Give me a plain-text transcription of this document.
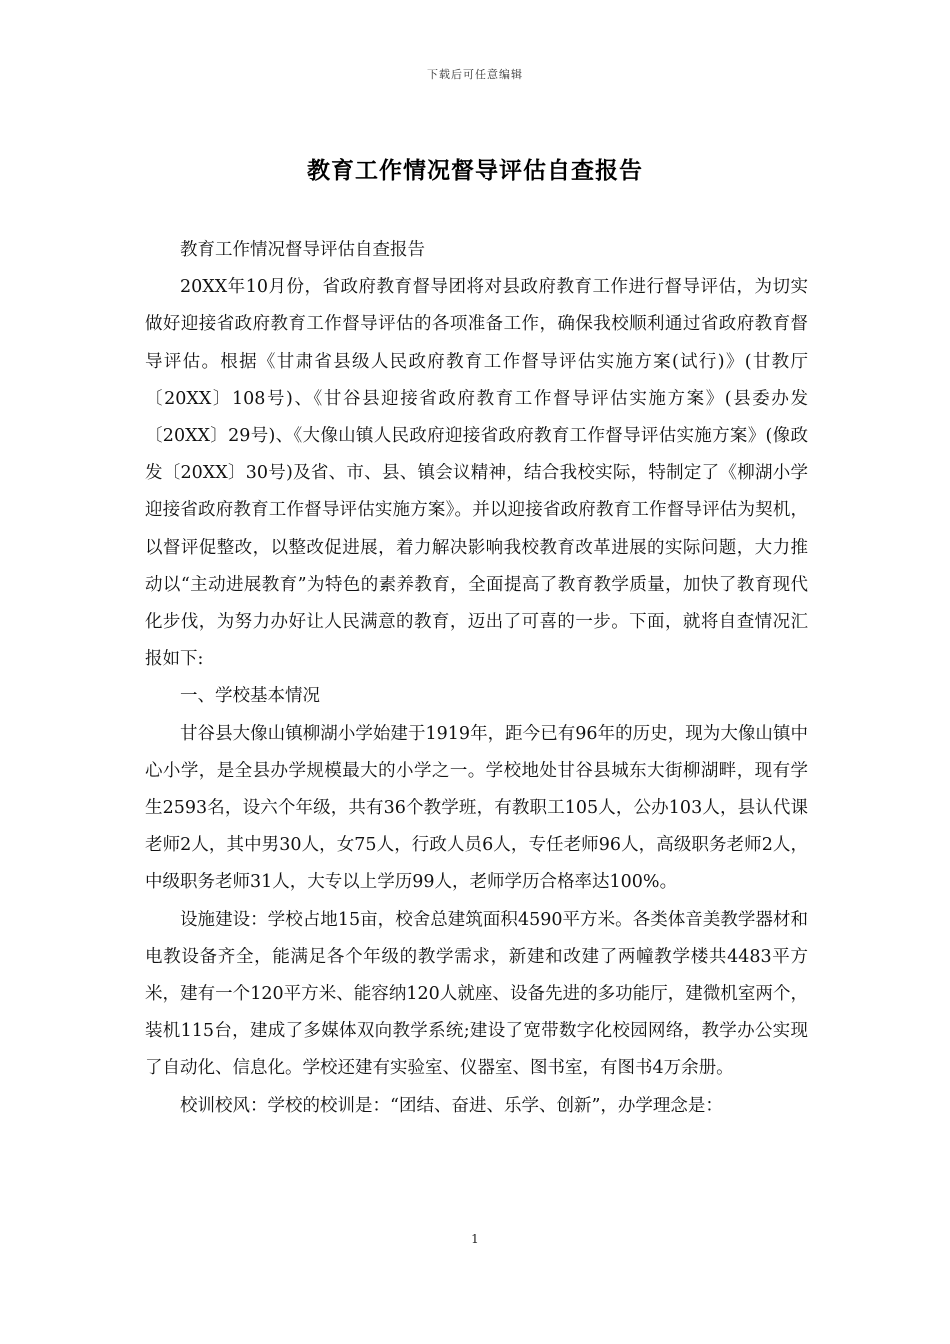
下载后可任意编辑
教育工作情况督导评估自查报告

教育工作情况督导评估自查报告

20XX年10月份，省政府教育督导团将对县政府教育工作进行督导评估，为切实做好迎接省政府教育工作督导评估的各项准备工作，确保我校顺利通过省政府教育督导评估。根据《甘肃省县级人民政府教育工作督导评估实施方案(试行)》(甘教厅〔20XX〕108号)、《甘谷县迎接省政府教育工作督导评估实施方案》(县委办发〔20XX〕29号)、《大像山镇人民政府迎接省政府教育工作督导评估实施方案》(像政发〔20XX〕30号)及省、市、县、镇会议精神，结合我校实际，特制定了《柳湖小学迎接省政府教育工作督导评估实施方案》。并以迎接省政府教育工作督导评估为契机，以督评促整改，以整改促进展，着力解决影响我校教育改革进展的实际问题，大力推动以“主动进展教育”为特色的素养教育，全面提高了教育教学质量，加快了教育现代化步伐，为努力办好让人民满意的教育，迈出了可喜的一步。下面，就将自查情况汇报如下:

一、学校基本情况

甘谷县大像山镇柳湖小学始建于1919年，距今已有96年的历史，现为大像山镇中心小学，是全县办学规模最大的小学之一。学校地处甘谷县城东大街柳湖畔，现有学生2593名，设六个年级，共有36个教学班，有教职工105人，公办103人，县认代课老师2人，其中男30人，女75人，行政人员6人，专任老师96人，高级职务老师2人，中级职务老师31人，大专以上学历99人，老师学历合格率达100%。

设施建设：学校占地15亩，校舍总建筑面积4590平方米。各类体音美教学器材和电教设备齐全，能满足各个年级的教学需求，新建和改建了两幢教学楼共4483平方米，建有一个120平方米、能容纳120人就座、设备先进的多功能厅，建微机室两个，装机115台，建成了多媒体双向教学系统;建设了宽带数字化校园网络，教学办公实现了自动化、信息化。学校还建有实验室、仪器室、图书室，有图书4万余册。

校训校风：学校的校训是：“团结、奋进、乐学、创新”，办学理念是：

1
